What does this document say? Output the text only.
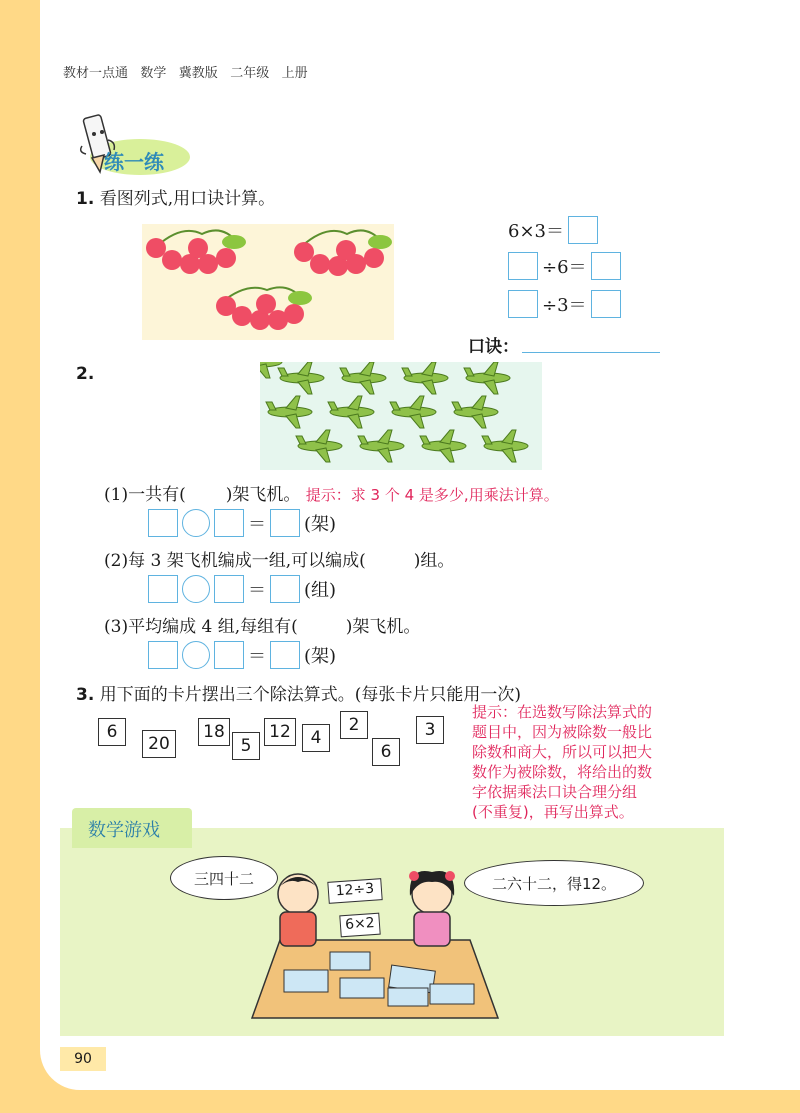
教材一点通   数学   冀教版   二年级   上册
练一练
1. 看图列式,用口诀计算。
6×3＝
÷6＝
÷3＝
口诀：
2.
(1)一共有( )架飞机。 提示：求 3 个 4 是多少,用乘法计算。
＝ (架)
(2)每 3 架飞机编成一组,可以编成(	)组。
＝ (组)
(3)平均编成 4 组,每组有(	)架飞机。
＝ (架)
3. 用下面的卡片摆出三个除法算式。(每张卡片只能用一次)
6
20
18
5
12	4
2
6
3
提示：在选数写除法算式的
题目中，因为被除数一般比
除数和商大，所以可以把大
数作为被除数，将给出的数
字依据乘法口诀合理分组
(不重复)，再写出算式。
数学游戏
三四十二	二六十二，得12。
12÷3
6×2
90
